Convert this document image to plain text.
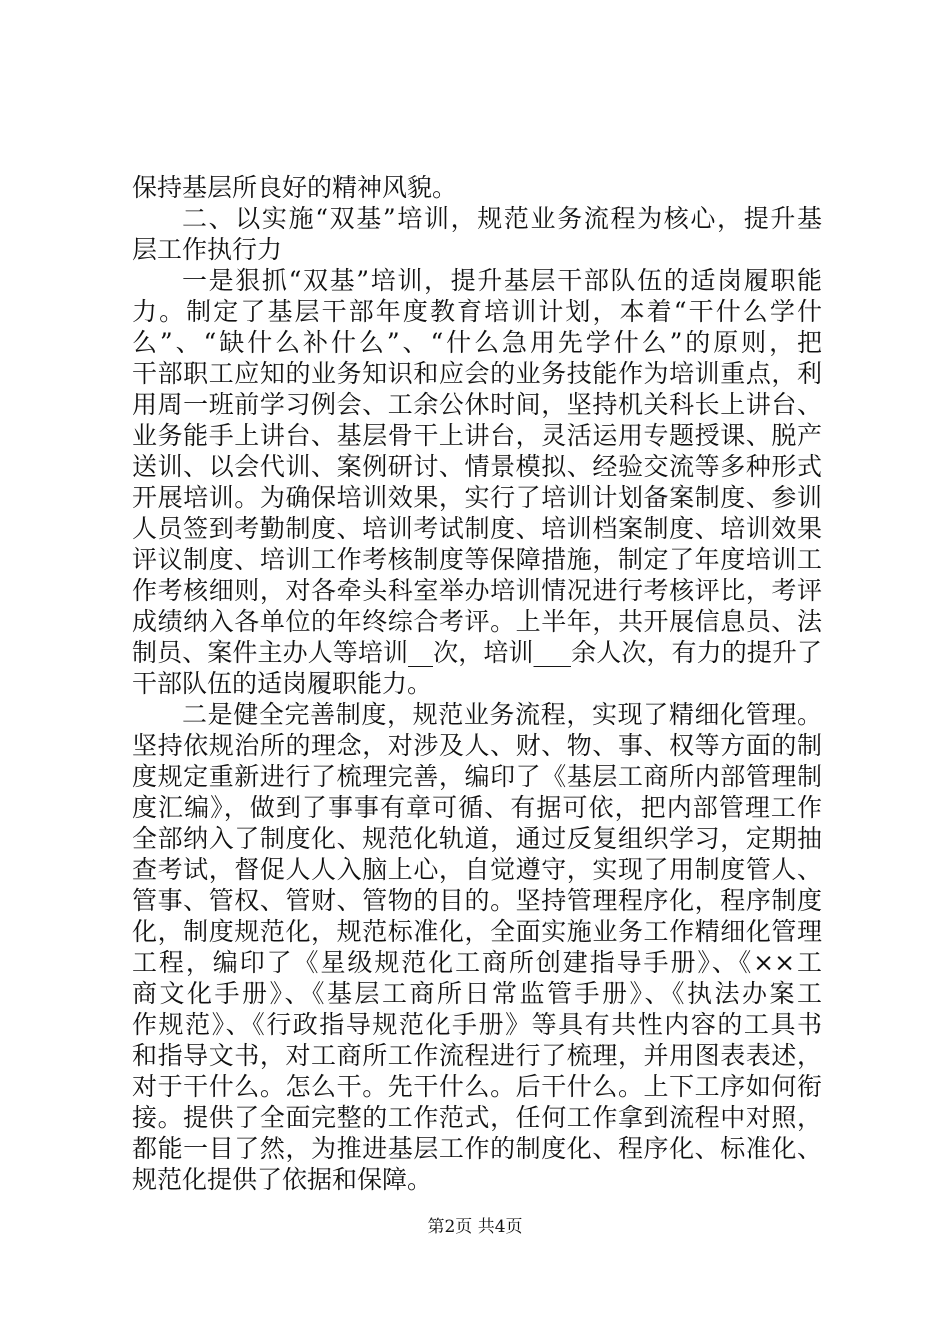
保持基层所良好的精神风貌。
二、以实施“双基”培训，规范业务流程为核心，提升基
层工作执行力
一是狠抓“双基”培训，提升基层干部队伍的适岗履职能
力。制定了基层干部年度教育培训计划，本着“干什么学什
么”、“缺什么补什么”、“什么急用先学什么”的原则，把
干部职工应知的业务知识和应会的业务技能作为培训重点，利
用周一班前学习例会、工余公休时间，坚持机关科长上讲台、
业务能手上讲台、基层骨干上讲台，灵活运用专题授课、脱产
送训、以会代训、案例研讨、情景模拟、经验交流等多种形式
开展培训。为确保培训效果，实行了培训计划备案制度、参训
人员签到考勤制度、培训考试制度、培训档案制度、培训效果
评议制度、培训工作考核制度等保障措施，制定了年度培训工
作考核细则，对各牵头科室举办培训情况进行考核评比，考评
成绩纳入各单位的年终综合考评。上半年，共开展信息员、法
制员、案件主办人等培训__次，培训___余人次，有力的提升了
干部队伍的适岗履职能力。
二是健全完善制度，规范业务流程，实现了精细化管理。
坚持依规治所的理念，对涉及人、财、物、事、权等方面的制
度规定重新进行了梳理完善，编印了《基层工商所内部管理制
度汇编》，做到了事事有章可循、有据可依，把内部管理工作
全部纳入了制度化、规范化轨道，通过反复组织学习，定期抽
查考试，督促人人入脑上心，自觉遵守，实现了用制度管人、
管事、管权、管财、管物的目的。坚持管理程序化，程序制度
化，制度规范化，规范标准化，全面实施业务工作精细化管理
工程，编印了《星级规范化工商所创建指导手册》、《××工
商文化手册》、《基层工商所日常监管手册》、《执法办案工
作规范》、《行政指导规范化手册》等具有共性内容的工具书
和指导文书，对工商所工作流程进行了梳理，并用图表表述，
对于干什么。怎么干。先干什么。后干什么。上下工序如何衔
接。提供了全面完整的工作范式，任何工作拿到流程中对照，
都能一目了然，为推进基层工作的制度化、程序化、标准化、
规范化提供了依据和保障。
第2页 共4页
